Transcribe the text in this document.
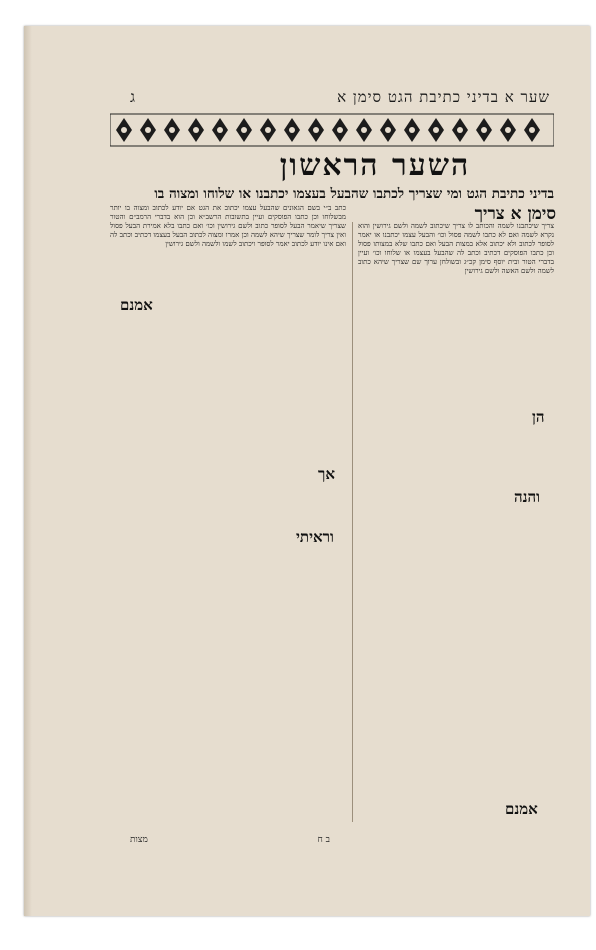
שער א בדיני כתיבת הגט סימן א
ג
השער הראשון
בדיני כתיבת הגט ומי שצריך לכתבו שהבעל בעצמו יכתבנו או שלוחו ומצוה בו
סימן א צריך
צריך שיכתבנו לשמה והכותב לו צריך שיכתוב לשמה ולשם גירושין והוא נקרא לשמה ואם לא כתבו לשמה פסול וכו׳ והבעל עצמו יכתבנו או יאמר לסופר לכתוב ולא יכתוב אלא במצות הבעל ואם כתבו שלא במצותו פסול וכן כתבו הפוסקים דכתיב וכתב לה שהבעל בעצמו או שלוחו וכו׳ ועיין בדברי הטור ובית יוסף סימן קכ״ג ובשולחן ערוך שם שצריך שיהא כתוב לשמה ולשם האשה ולשם גירושין
כתב ב״י בשם הגאונים שהבעל עצמו יכתוב את הגט אם יודע לכתוב ומצוה בו יותר מבשלוחו וכן כתבו הפוסקים ועיין בתשובות הרשב״א וכן הוא בדברי הרמב״ם והטור שצריך שיאמר הבעל לסופר כתוב ולשם גירושין וכו׳ ואם כתבו בלא אמירת הבעל פסול ואין צריך לומר שצריך שיהא לשמה וכן אמרו ומצוה לכתוב הבעל בעצמו דכתיב וכתב לה ואם אינו יודע לכתוב יאמר לסופר ויכתוב לשמו ולשמה ולשם גירושין
הן
והנה
אמנם
אך
וראיתי
אמנם
ב ח
מצות
